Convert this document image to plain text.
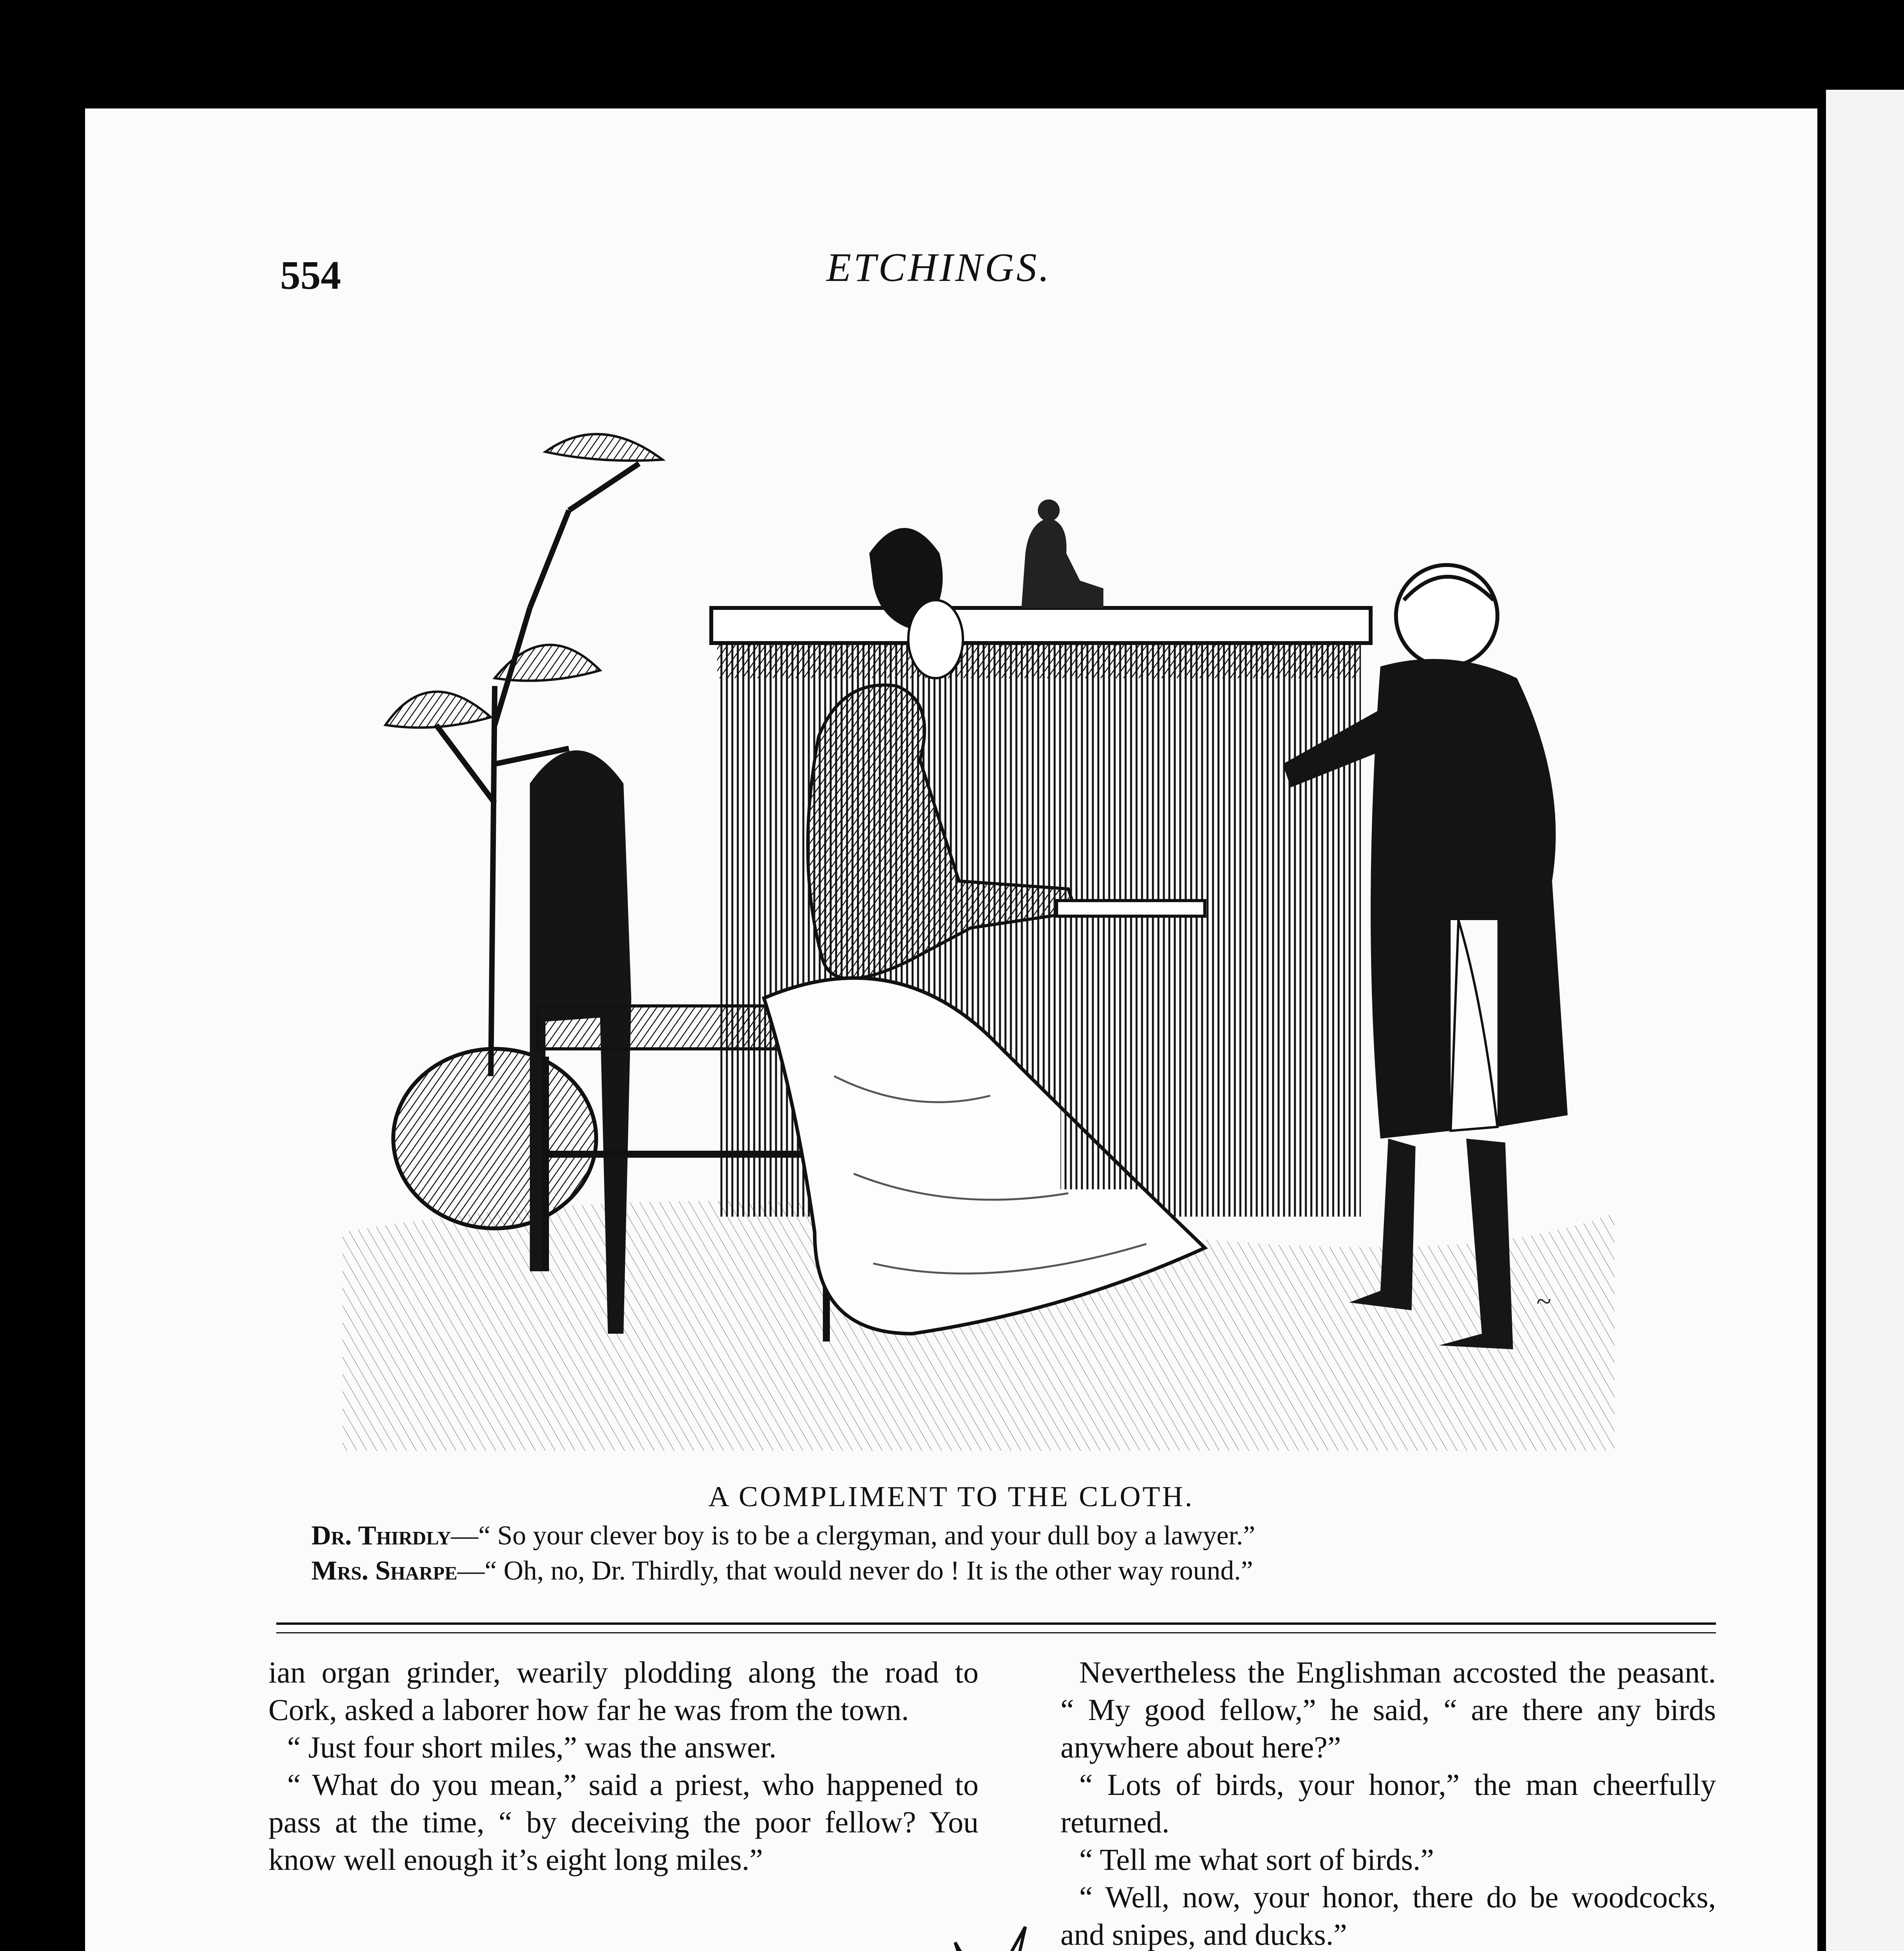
554	ETCHINGS.
~
A COMPLIMENT TO THE CLOTH.
Dr. Thirdly—“ So your clever boy is to be a clergyman, and your dull boy a lawyer.”
Mrs. Sharpe—“ Oh, no, Dr. Thirdly, that would never do ! It is the other way round.”

ian organ grinder, wearily plodding along the road to Cork, asked a laborer how far he was from the town.

“ Just four short miles,” was the answer.

“ What do you mean,” said a priest, who happened to pass at the time, “ by deceiving the poor fellow? You know well enough it’s eight long miles.”

Nevertheless the Englishman accosted the peasant. “ My good fellow,” he said, “ are there any birds anywhere about here?”

“ Lots of birds, your honor,” the man cheerfully returned.

“ Tell me what sort of birds.”

“ Well, now, your honor, there do be woodcocks, and snipes, and ducks.”
